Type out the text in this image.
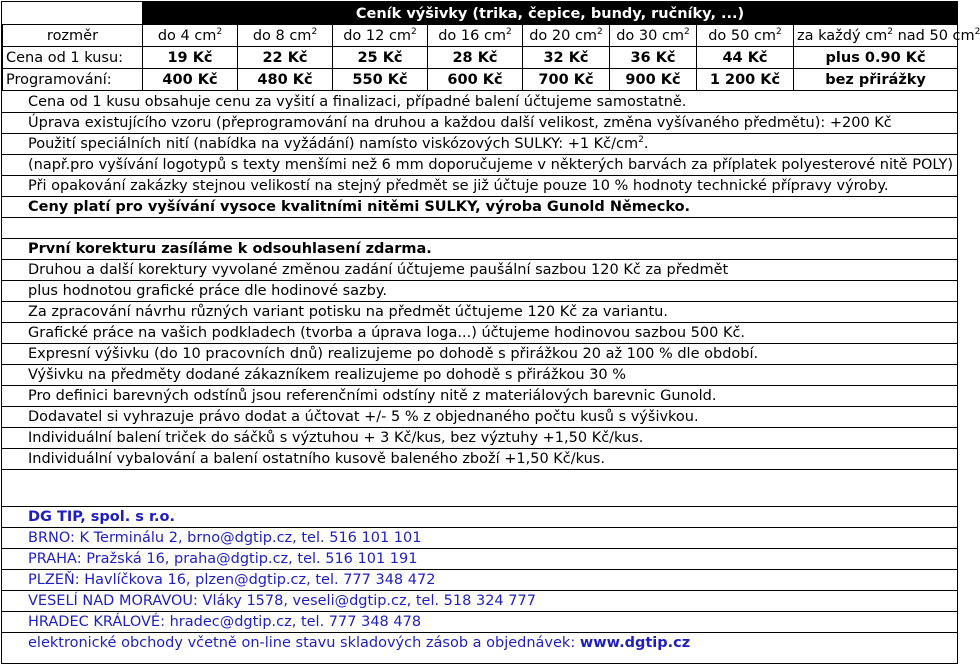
	Ceník výšivky (trika, čepice, bundy, ručníky, ...)							
rozměr	do 4 $cm^2$	do 8 $cm^2$	do 12 $cm^2$	do 16 $cm^2$	do 20 $cm^2$	do 30 $cm^2$	do 50 $cm^2$	za každý $cm^2$ nad 50 $cm^2$
Cena od 1 kusu:	19 Kč	22 Kč	25 Kč	28 Kč	32 Kč	36 Kč	44 Kč	plus 0.90 Kč
Programování:	400 Kč	480 Kč	550 Kč	600 Kč	700 Kč	900 Kč	1 200 Kč	bez přirážky
Cena od 1 kusu obsahuje cenu za vyšití a finalizaci, případné balení účtujeme samostatně.
Úprava existujícího vzoru (přeprogramování na druhou a každou další velikost, změna vyšívaného předmětu): +200 Kč
Použití speciálních nití (nabídka na vyžádání) namísto viskózových SULKY: +1 $Kč/cm^2$.
(např.pro vyšívání logotypů s texty menšími než 6 mm doporučujeme v některých barvách za příplatek polyesterové nitě POLY)
Při opakování zakázky stejnou velikostí na stejný předmět se již účtuje pouze 10 % hodnoty technické přípravy výroby.
Ceny platí pro vyšívání vysoce kvalitními nitěmi SULKY, výroba Gunold Německo.
První korekturu zasíláme k odsouhlasení zdarma.
Druhou a další korektury vyvolané změnou zadání účtujeme paušální sazbou 120 Kč za předmět
plus hodnotou grafické práce dle hodinové sazby.
Za zpracování návrhu různých variant potisku na předmět účtujeme 120 Kč za variantu.
Grafické práce na vašich podkladech (tvorba a úprava loga...) účtujeme hodinovou sazbou 500 Kč.
Expresní výšivku (do 10 pracovních dnů) realizujeme po dohodě s přirážkou 20 až 100 % dle období.
Výšivku na předměty dodané zákazníkem realizujeme po dohodě s přirážkou 30 %
Pro definici barevných odstínů jsou referenčními odstíny nitě z materiálových barevnic Gunold.
Dodavatel si vyhrazuje právo dodat a účtovat +/- 5 % z objednaného počtu kusů s výšivkou.
Individuální balení triček do sáčků s výztuhou + 3 Kč/kus, bez výztuhy +1,50 Kč/kus.
Individuální vybalování a balení ostatního kusově baleného zboží +1,50 Kč/kus.
DG TIP, spol. s r.o.
BRNO: K Terminálu 2, brno@dgtip.cz, tel. 516 101 101
PRAHA: Pražská 16, praha@dgtip.cz, tel. 516 101 191
PLZEŇ: Havlíčkova 16, plzen@dgtip.cz, tel. 777 348 472
VESELÍ NAD MORAVOU: Vláky 1578, veseli@dgtip.cz, tel. 518 324 777
HRADEC KRÁLOVÉ: hradec@dgtip.cz, tel. 777 348 478
elektronické obchody včetně on-line stavu skladových zásob a objednávek: www.dgtip.cz
